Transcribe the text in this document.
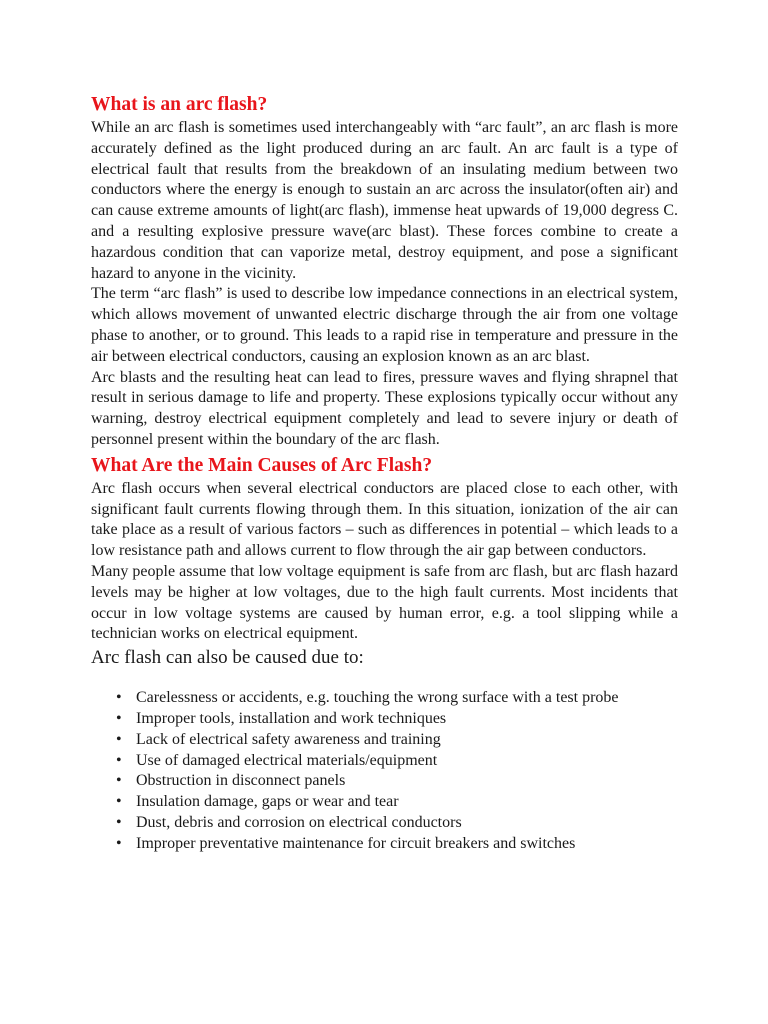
What is an arc flash?

While an arc flash is sometimes used interchangeably with “arc fault”, an arc flash is more accurately defined as the light produced during an arc fault. An arc fault is a type of electrical fault that results from the breakdown of an insulating medium between two conductors where the energy is enough to sustain an arc across the insulator(often air) and can cause extreme amounts of light(arc flash), immense heat upwards of 19,000 degress C. and a resulting explosive pressure wave(arc blast). These forces combine to create a hazardous condition that can vaporize metal, destroy equipment, and pose a significant hazard to anyone in the vicinity.

The term “arc flash” is used to describe low impedance connections in an electrical system, which allows movement of unwanted electric discharge through the air from one voltage phase to another, or to ground. This leads to a rapid rise in temperature and pressure in the air between electrical conductors, causing an explosion known as an arc blast.

Arc blasts and the resulting heat can lead to fires, pressure waves and flying shrapnel that result in serious damage to life and property. These explosions typically occur without any warning, destroy electrical equipment completely and lead to severe injury or death of personnel present within the boundary of the arc flash.

What Are the Main Causes of Arc Flash?

Arc flash occurs when several electrical conductors are placed close to each other, with significant fault currents flowing through them. In this situation, ionization of the air can take place as a result of various factors – such as differences in potential – which leads to a low resistance path and allows current to flow through the air gap between conductors.

Many people assume that low voltage equipment is safe from arc flash, but arc flash hazard levels may be higher at low voltages, due to the high fault currents. Most incidents that occur in low voltage systems are caused by human error, e.g. a tool slipping while a technician works on electrical equipment.

Arc flash can also be caused due to:

• Carelessness or accidents, e.g. touching the wrong surface with a test probe
• Improper tools, installation and work techniques
• Lack of electrical safety awareness and training
• Use of damaged electrical materials/equipment
• Obstruction in disconnect panels
• Insulation damage, gaps or wear and tear
• Dust, debris and corrosion on electrical conductors
• Improper preventative maintenance for circuit breakers and switches
